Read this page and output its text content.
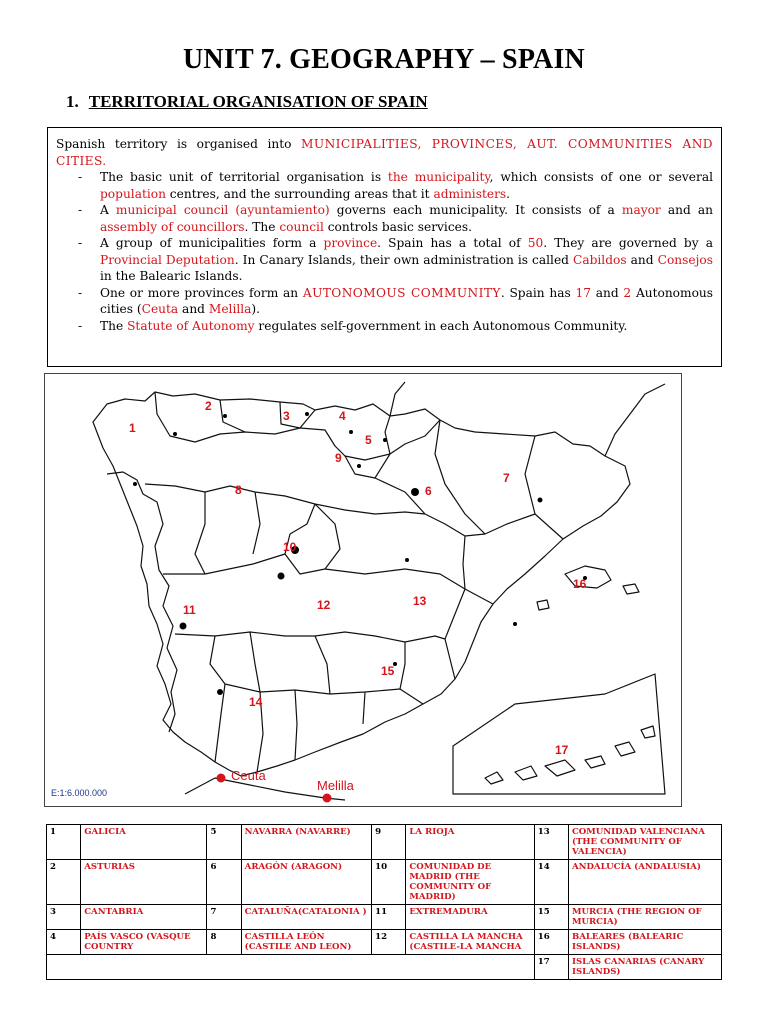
UNIT 7. GEOGRAPHY – SPAIN
1. TERRITORIAL ORGANISATION OF SPAIN
Spanish territory is organised into MUNICIPALITIES, PROVINCES, AUT. COMMUNITIES AND CITIES.
- The basic unit of territorial organisation is the municipality, which consists of one or several population centres, and the surrounding areas that it administers.
- A municipal council (ayuntamiento) governs each municipality. It consists of a mayor and an assembly of councillors. The council controls basic services.
- A group of municipalities form a province. Spain has a total of 50. They are governed by a Provincial Deputation. In Canary Islands, their own administration is called Cabildos and Consejos in the Balearic Islands.
- One or more provinces form an AUTONOMOUS COMMUNITY. Spain has 17 and 2 Autonomous cities (Ceuta and Melilla).
- The Statute of Autonomy regulates self-government in each Autonomous Community.
1
2
3	4
5
6
7
8
9
10
11	12	13
14
15
16
17
Ceuta
Melilla
E:1:6.000.000
1	GALICIA	5	NAVARRA (NAVARRE)	9	LA RIOJA	13	COMUNIDAD VALENCIANA (THE COMMUNITY OF VALENCIA)
2	ASTURIAS	6	ARAGÓN (ARAGON)	10	COMUNIDAD DE MADRID (THE COMMUNITY OF MADRID)	14	ANDALUCÍA (ANDALUSIA)
3	CANTABRIA	7	CATALUÑA(CATALONIA )	11	EXTREMADURA	15	MURCIA (THE REGION OF MURCIA)
4	PAÍS VASCO (VASQUE COUNTRY	8	CASTILLA LEÓN (CASTILE AND LEON)	12	CASTILLA LA MANCHA (CASTILE-LA MANCHA	16	BALEARES (BALEARIC ISLANDS)
						17	ISLAS CANARIAS (CANARY ISLANDS)
